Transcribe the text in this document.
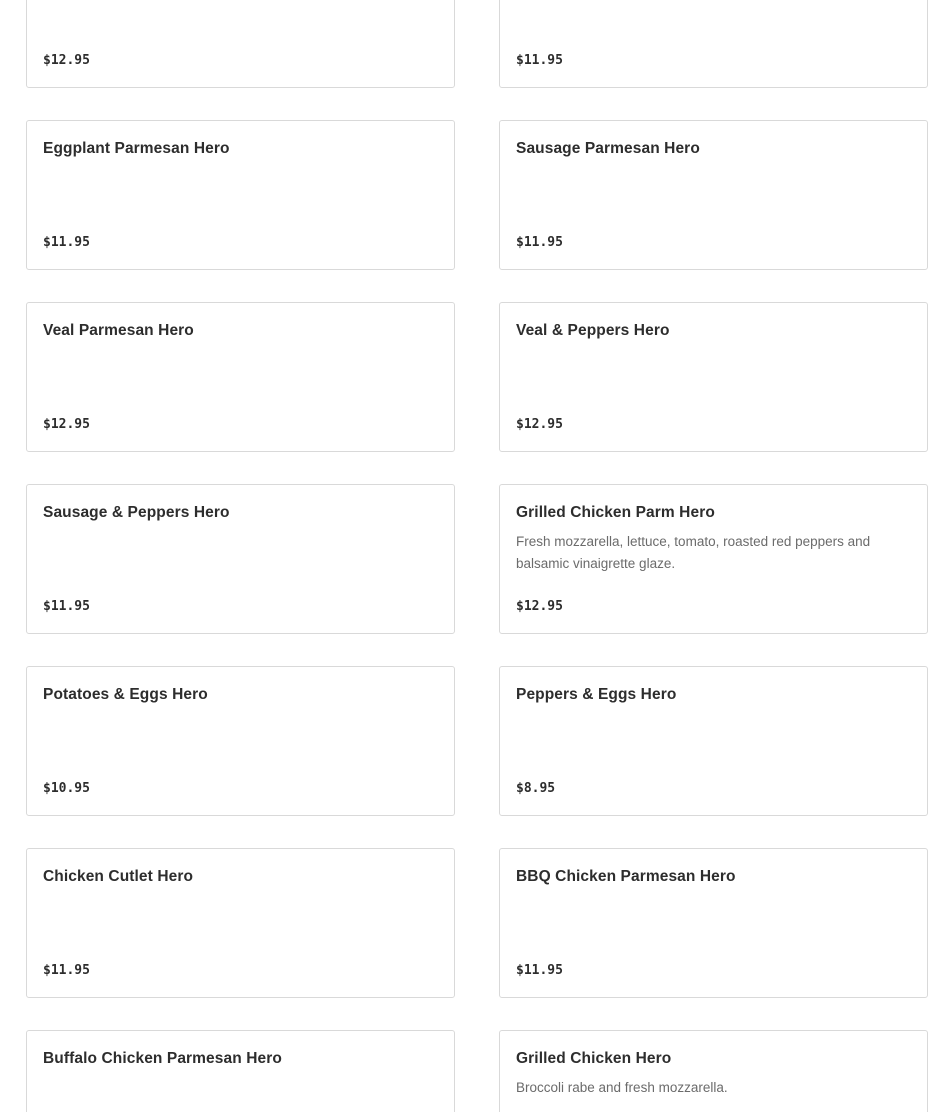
$12.95	$11.95
Eggplant Parmesan Hero
$11.95
Sausage Parmesan Hero
$11.95
Veal Parmesan Hero
$12.95
Veal & Peppers Hero
$12.95
Sausage & Peppers Hero
$11.95
Grilled Chicken Parm Hero
Fresh mozzarella, lettuce, tomato, roasted red peppers and balsamic vinaigrette glaze.
$12.95
Potatoes & Eggs Hero
$10.95
Peppers & Eggs Hero
$8.95
Chicken Cutlet Hero
$11.95
BBQ Chicken Parmesan Hero
$11.95
Buffalo Chicken Parmesan Hero	Grilled Chicken Hero
Broccoli rabe and fresh mozzarella.
